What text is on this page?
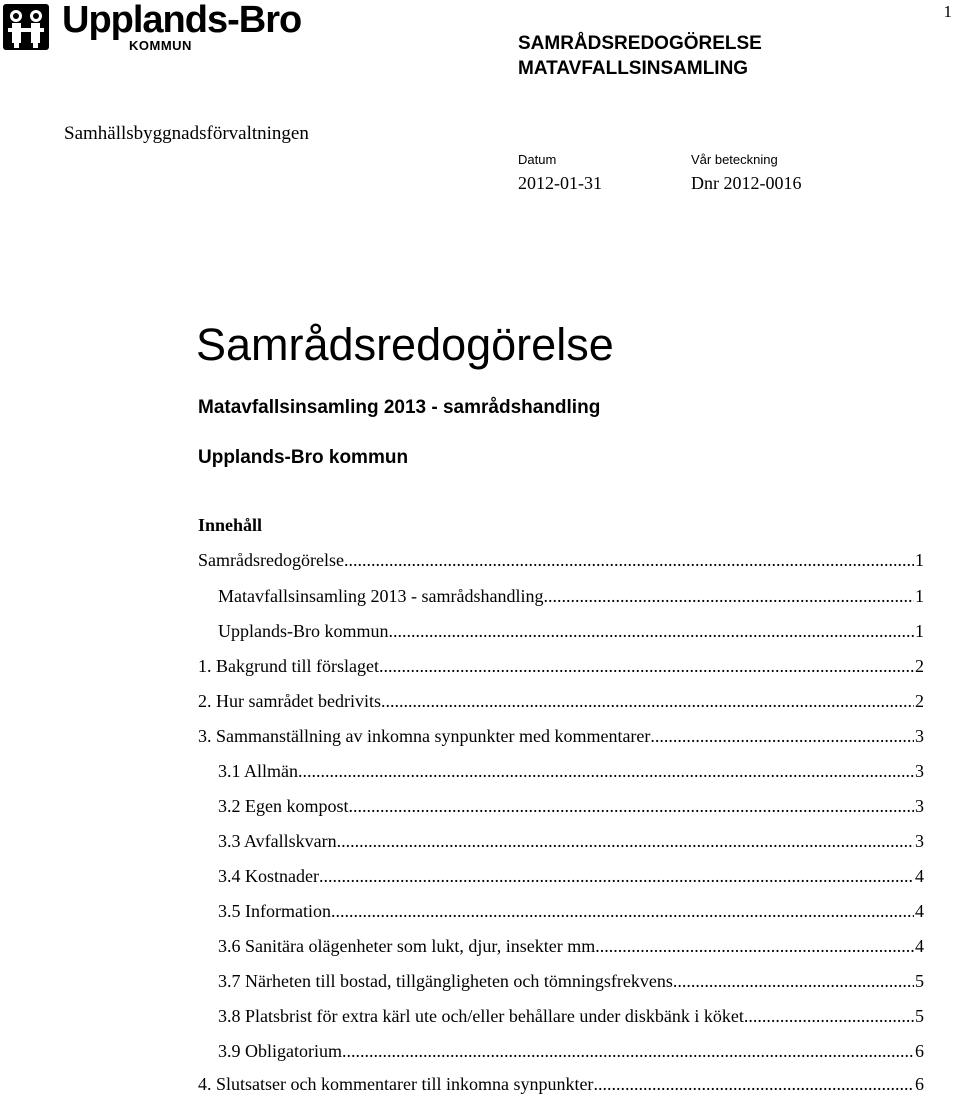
Upplands-Bro
KOMMUN
1
SAMRÅDSREDOGÖRELSE
MATAVFALLSINSAMLING
Samhällsbyggnadsförvaltningen
Datum
2012-01-31
Vår beteckning
Dnr 2012-0016
Samrådsredogörelse
Matavfallsinsamling 2013 - samrådshandling
Upplands-Bro kommun
Innehåll
Samrådsredogörelse .....	1
Matavfallsinsamling 2013 - samrådshandling .....	1
Upplands-Bro kommun .....	1
1. Bakgrund till förslaget .....	2
2. Hur samrådet bedrivits .....	2
3. Sammanställning av inkomna synpunkter med kommentarer .....	3
3.1 Allmän .....	3
3.2 Egen kompost .....	3
3.3 Avfallskvarn .....	3
3.4 Kostnader .....	4
3.5 Information .....	4
3.6 Sanitära olägenheter som lukt, djur, insekter mm. .....	4
3.7 Närheten till bostad, tillgängligheten och tömningsfrekvens. .....	5
3.8 Platsbrist för extra kärl ute och/eller behållare under diskbänk i köket. .....	5
3.9 Obligatorium .....	6
4. Slutsatser och kommentarer till inkomna synpunkter .....	6
